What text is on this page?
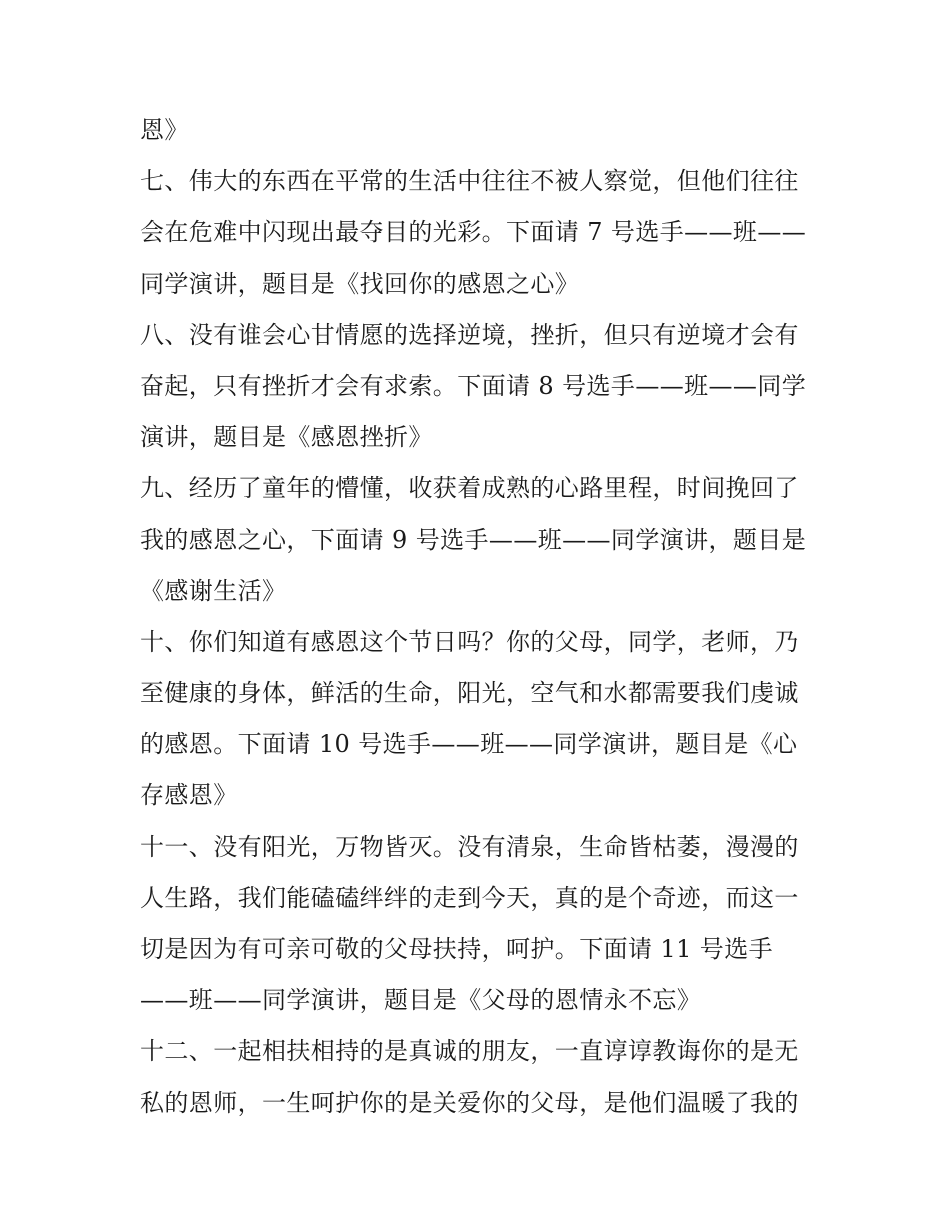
恩》
七、伟大的东西在平常的生活中往往不被人察觉，但他们往往
会在危难中闪现出最夺目的光彩。下面请 7 号选手——班——
同学演讲，题目是《找回你的感恩之心》
八、没有谁会心甘情愿的选择逆境，挫折，但只有逆境才会有
奋起，只有挫折才会有求索。下面请 8 号选手——班——同学
演讲，题目是《感恩挫折》
九、经历了童年的懵懂，收获着成熟的心路里程，时间挽回了
我的感恩之心，下面请 9 号选手——班——同学演讲，题目是
《感谢生活》
十、你们知道有感恩这个节日吗？你的父母，同学，老师，乃
至健康的身体，鲜活的生命，阳光，空气和水都需要我们虔诚
的感恩。下面请 10 号选手——班——同学演讲，题目是《心
存感恩》
十一、没有阳光，万物皆灭。没有清泉，生命皆枯萎，漫漫的
人生路，我们能磕磕绊绊的走到今天，真的是个奇迹，而这一
切是因为有可亲可敬的父母扶持，呵护。下面请 11 号选手
——班——同学演讲，题目是《父母的恩情永不忘》
十二、一起相扶相持的是真诚的朋友，一直谆谆教诲你的是无
私的恩师，一生呵护你的是关爱你的父母，是他们温暖了我的
